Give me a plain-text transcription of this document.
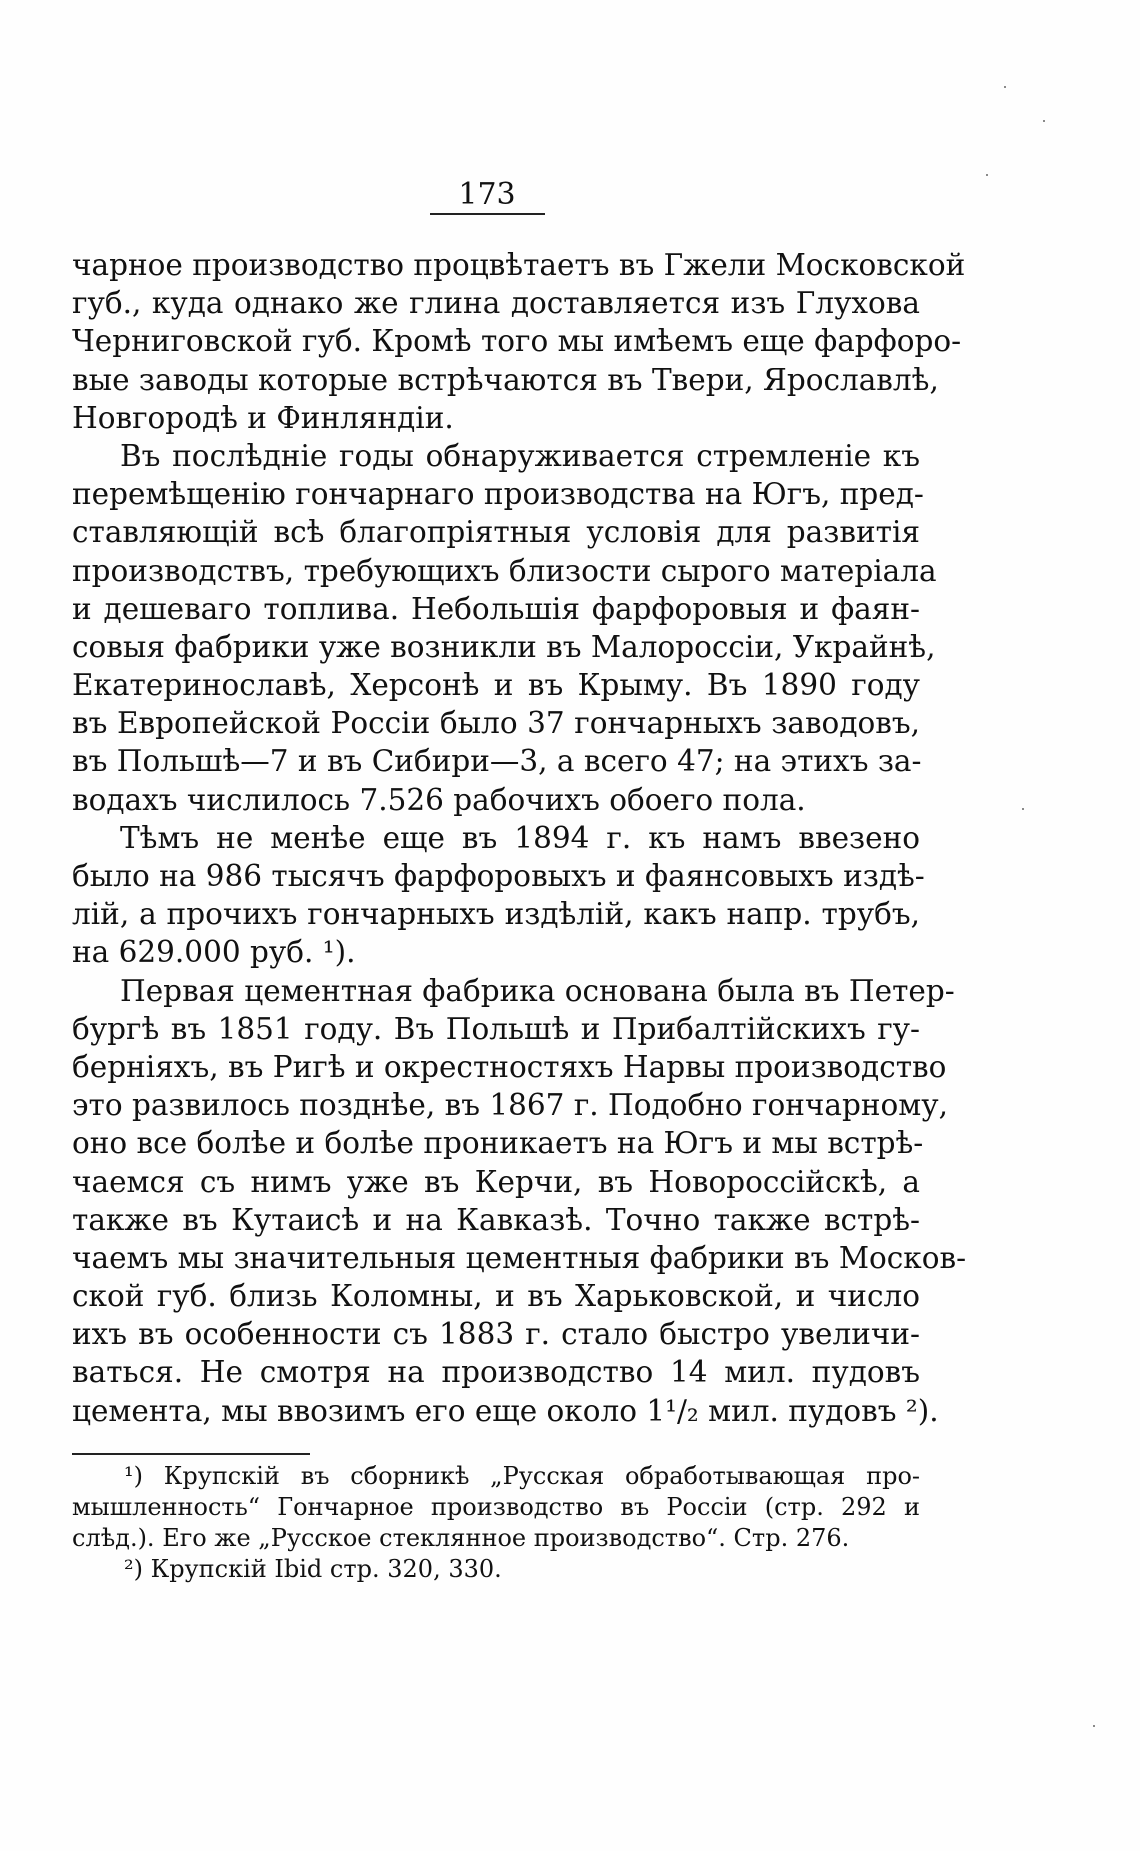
173
чарное производство процвѣтаетъ въ Гжели Московской
губ., куда однако же глина доставляется изъ Глухова
Черниговской губ. Кромѣ того мы имѣемъ еще фарфоро-
вые заводы которые встрѣчаются въ Твери, Ярославлѣ,
Новгородѣ и Финляндіи.
Въ послѣдніе годы обнаруживается стремленіе къ
перемѣщенію гончарнаго производства на Югъ, пред-
ставляющій всѣ благопріятныя условія для развитія
производствъ, требующихъ близости сырого матеріала
и дешеваго топлива. Небольшія фарфоровыя и фаян-
совыя фабрики уже возникли въ Малороссіи, Украйнѣ,
Екатеринославѣ, Херсонѣ и въ Крыму. Въ 1890 году
въ Европейской Россіи было 37 гончарныхъ заводовъ,
въ Польшѣ—7 и въ Сибири—3, а всего 47; на этихъ за-
водахъ числилось 7.526 рабочихъ обоего пола.
Тѣмъ не менѣе еще въ 1894 г. къ намъ ввезено
было на 986 тысячъ фарфоровыхъ и фаянсовыхъ издѣ-
лій, а прочихъ гончарныхъ издѣлій, какъ напр. трубъ,
на 629.000 руб. ¹).
Первая цементная фабрика основана была въ Петер-
бургѣ въ 1851 году. Въ Польшѣ и Прибалтійскихъ гу-
берніяхъ, въ Ригѣ и окрестностяхъ Нарвы производство
это развилось позднѣе, въ 1867 г. Подобно гончарному,
оно все болѣе и болѣе проникаетъ на Югъ и мы встрѣ-
чаемся съ нимъ уже въ Керчи, въ Новороссійскѣ, а
также въ Кутаисѣ и на Кавказѣ. Точно также встрѣ-
чаемъ мы значительныя цементныя фабрики въ Москов-
ской губ. близь Коломны, и въ Харьковской, и число
ихъ въ особенности съ 1883 г. стало быстро увеличи-
ваться. Не смотря на производство 14 мил. пудовъ
цемента, мы ввозимъ его еще около 1¹/₂ мил. пудовъ ²).
¹) Крупскій въ сборникѣ „Русская обработывающая про-
мышленность“ Гончарное производство въ Россіи (стр. 292 и
слѣд.). Его же „Русское стеклянное производство“. Стр. 276.
²) Крупскій Ibid стр. 320, 330.
